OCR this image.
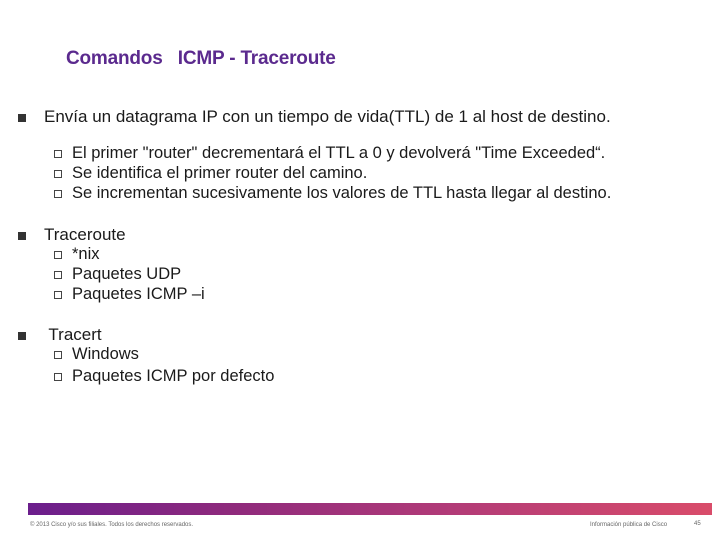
Comandos   ICMP - Traceroute
Envía un datagrama IP con un tiempo de vida(TTL) de 1 al host de destino.
El primer "router" decrementará el TTL a 0 y devolverá "Time Exceeded“.
Se identifica el primer router del camino.
Se incrementan sucesivamente los valores de TTL hasta llegar al destino.
Traceroute
*nix
Paquetes UDP
Paquetes ICMP –i
Tracert
Windows
Paquetes ICMP por defecto
© 2013 Cisco y/o sus filiales. Todos los derechos reservados.	Información pública de Cisco	45
